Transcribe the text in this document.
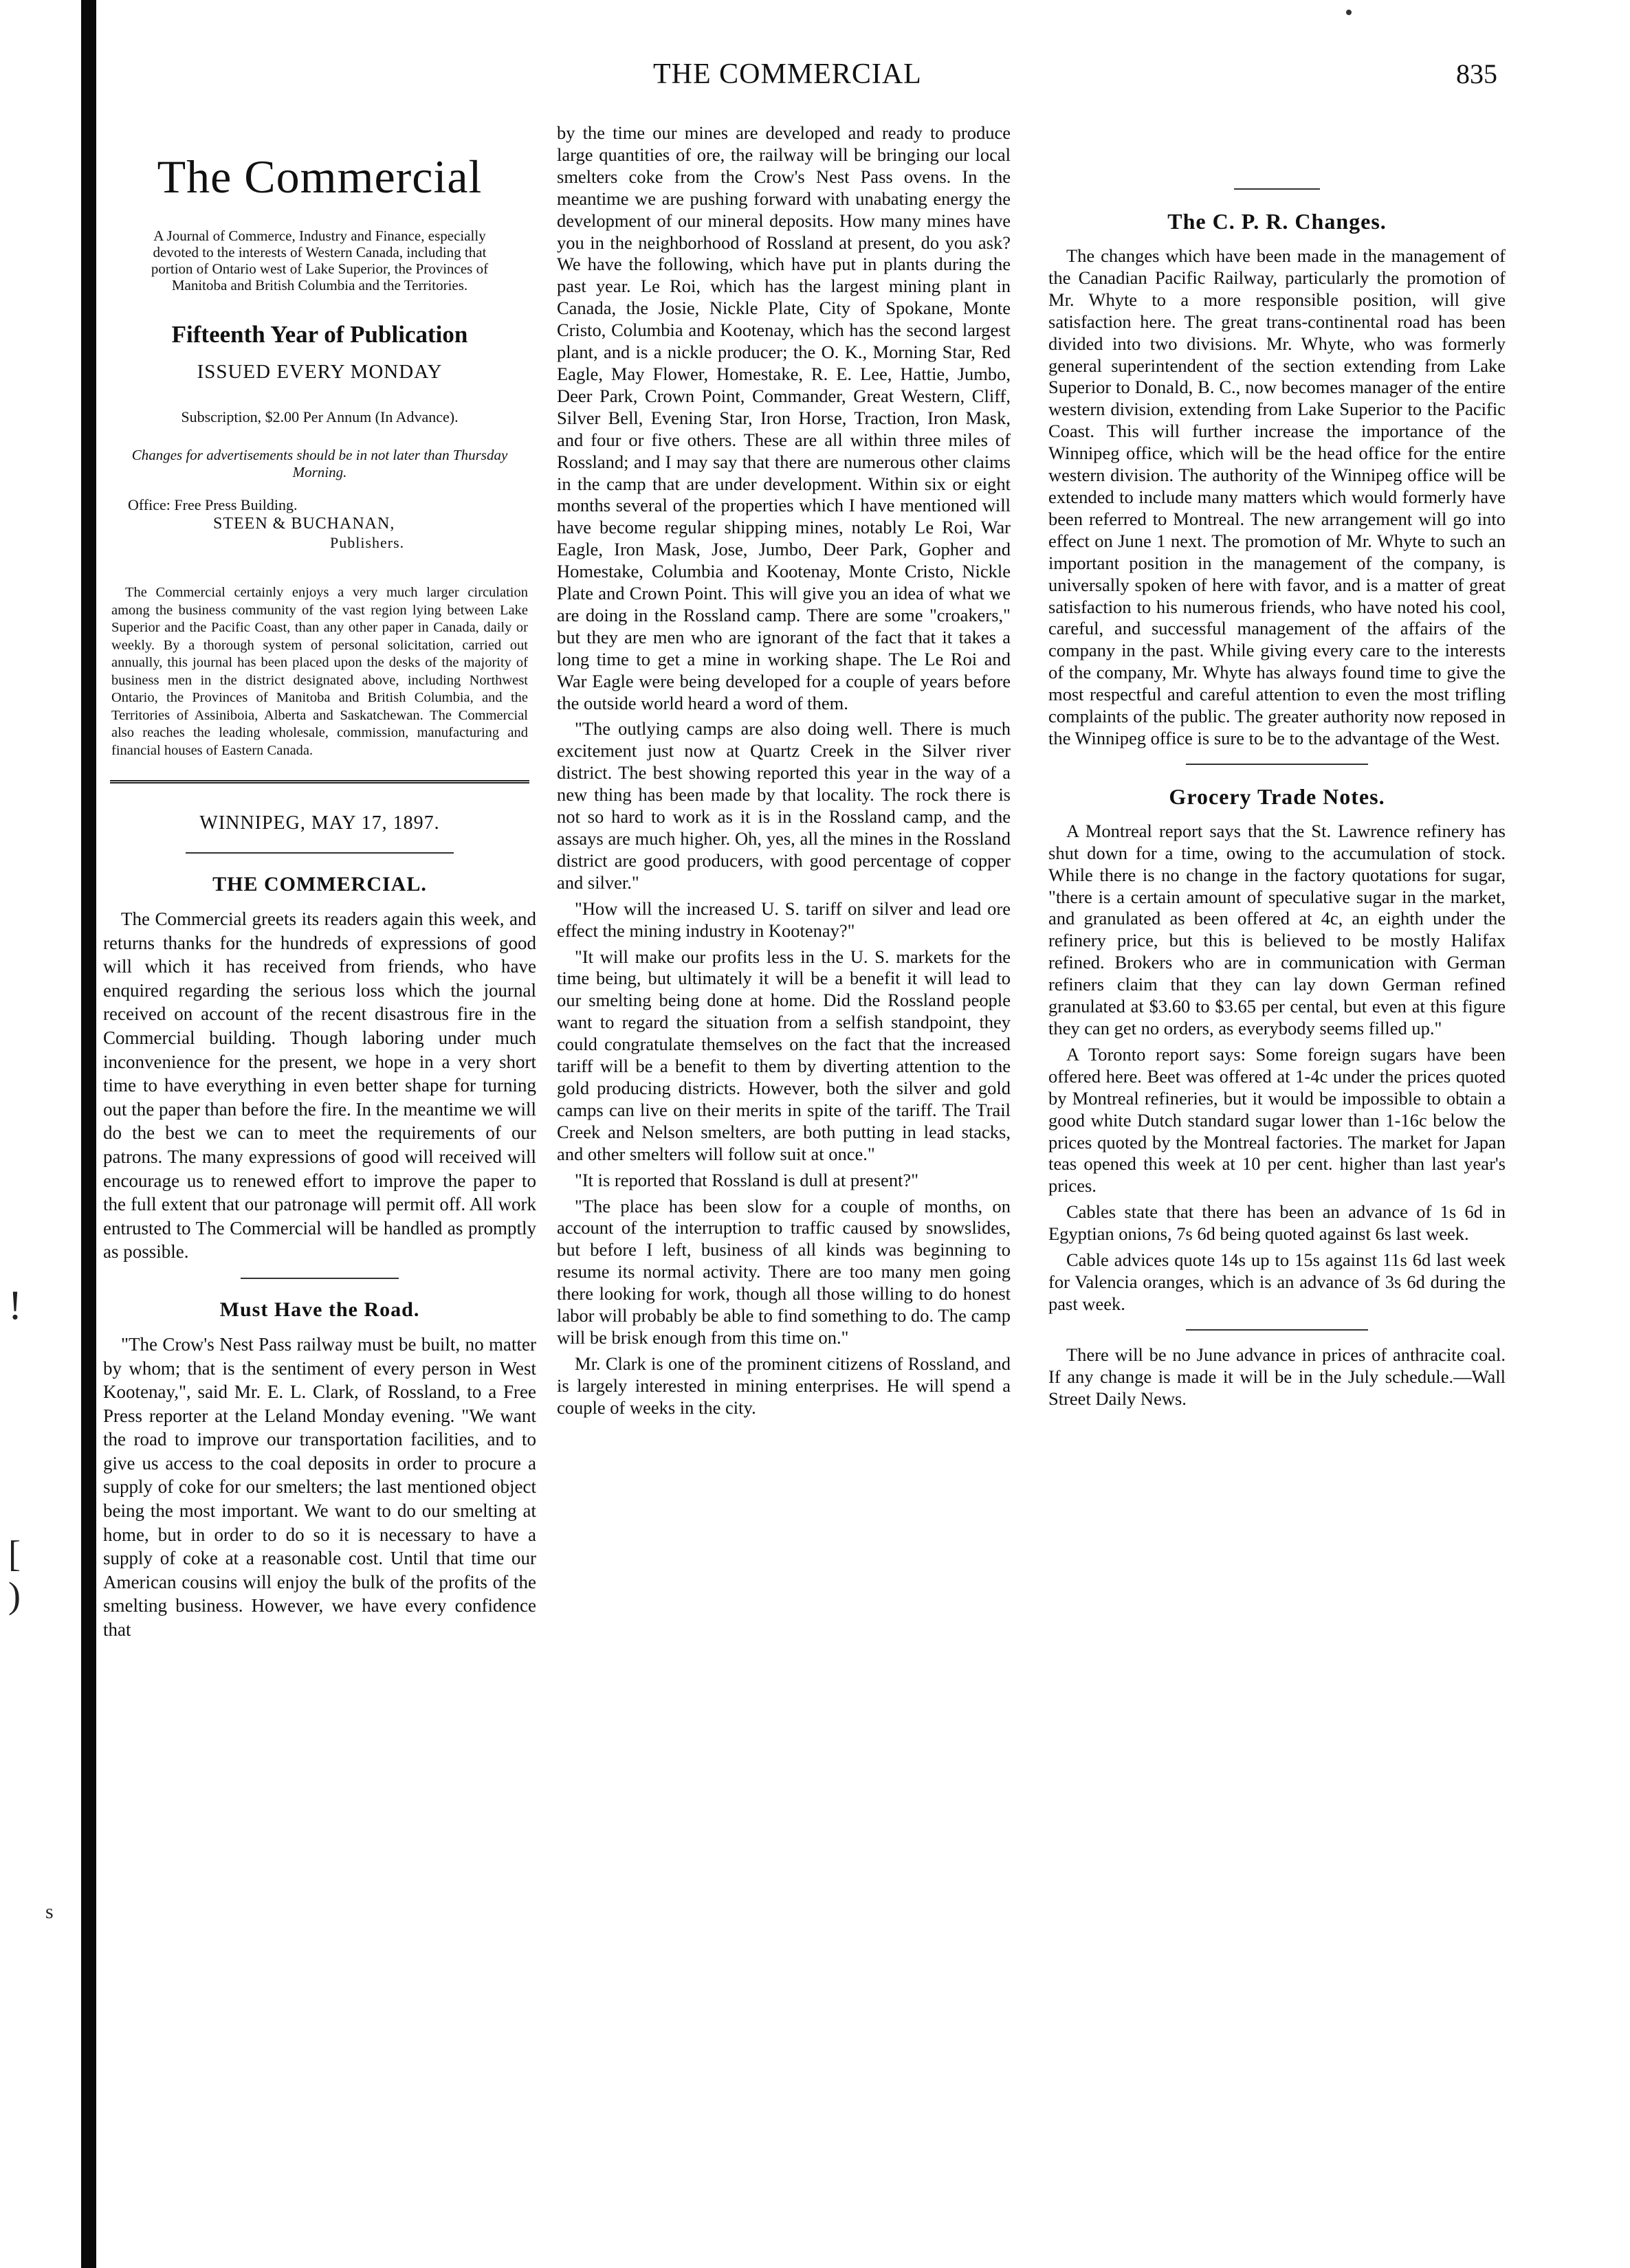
!
[
)
s
THE COMMERCIAL	835
The Commercial
A Journal of Commerce, Industry and Finance, especially devoted to the interests of Western Canada, including that portion of Ontario west of Lake Superior, the Provinces of Manitoba and British Columbia and the Territories.
Fifteenth Year of Publication
ISSUED EVERY MONDAY
Subscription, $2.00 Per Annum (In Advance).
Changes for advertisements should be in not later than Thursday Morning.
Office: Free Press Building.
STEEN & BUCHANAN,
Publishers.
The Commercial certainly enjoys a very much larger circulation among the business community of the vast region lying between Lake Superior and the Pacific Coast, than any other paper in Canada, daily or weekly. By a thorough system of personal solicitation, carried out annually, this journal has been placed upon the desks of the majority of business men in the district designated above, including Northwest Ontario, the Provinces of Manitoba and British Columbia, and the Territories of Assiniboia, Alberta and Saskatchewan. The Commercial also reaches the leading wholesale, commission, manufacturing and financial houses of Eastern Canada.
WINNIPEG, MAY 17, 1897.
THE COMMERCIAL.

The Commercial greets its readers again this week, and returns thanks for the hundreds of expressions of good will which it has received from friends, who have enquired regarding the serious loss which the journal received on account of the recent disastrous fire in the Commercial building. Though laboring under much inconvenience for the present, we hope in a very short time to have everything in even better shape for turning out the paper than before the fire. In the meantime we will do the best we can to meet the requirements of our patrons. The many expressions of good will received will encourage us to renewed effort to improve the paper to the full extent that our patronage will permit off. All work entrusted to The Commercial will be handled as promptly as possible.

Must Have the Road.

"The Crow's Nest Pass railway must be built, no matter by whom; that is the sentiment of every person in West Kootenay,", said Mr. E. L. Clark, of Rossland, to a Free Press reporter at the Leland Monday evening. "We want the road to improve our transportation facilities, and to give us access to the coal deposits in order to procure a supply of coke for our smelters; the last mentioned object being the most important. We want to do our smelting at home, but in order to do so it is necessary to have a supply of coke at a reasonable cost. Until that time our American cousins will enjoy the bulk of the profits of the smelting business. However, we have every confidence that

by the time our mines are developed and ready to produce large quantities of ore, the railway will be bringing our local smelters coke from the Crow's Nest Pass ovens. In the meantime we are pushing forward with unabating energy the development of our mineral deposits. How many mines have you in the neighborhood of Rossland at present, do you ask? We have the following, which have put in plants during the past year. Le Roi, which has the largest mining plant in Canada, the Josie, Nickle Plate, City of Spokane, Monte Cristo, Columbia and Kootenay, which has the second largest plant, and is a nickle producer; the O. K., Morning Star, Red Eagle, May Flower, Homestake, R. E. Lee, Hattie, Jumbo, Deer Park, Crown Point, Commander, Great Western, Cliff, Silver Bell, Evening Star, Iron Horse, Traction, Iron Mask, and four or five others. These are all within three miles of Rossland; and I may say that there are numerous other claims in the camp that are under development. Within six or eight months several of the properties which I have mentioned will have become regular shipping mines, notably Le Roi, War Eagle, Iron Mask, Jose, Jumbo, Deer Park, Gopher and Homestake, Columbia and Kootenay, Monte Cristo, Nickle Plate and Crown Point. This will give you an idea of what we are doing in the Rossland camp. There are some "croakers," but they are men who are ignorant of the fact that it takes a long time to get a mine in working shape. The Le Roi and War Eagle were being developed for a couple of years before the outside world heard a word of them.

"The outlying camps are also doing well. There is much excitement just now at Quartz Creek in the Silver river district. The best showing reported this year in the way of a new thing has been made by that locality. The rock there is not so hard to work as it is in the Rossland camp, and the assays are much higher. Oh, yes, all the mines in the Rossland district are good producers, with good percentage of copper and silver."

"How will the increased U. S. tariff on silver and lead ore effect the mining industry in Kootenay?"

"It will make our profits less in the U. S. markets for the time being, but ultimately it will be a benefit it will lead to our smelting being done at home. Did the Rossland people want to regard the situation from a selfish standpoint, they could congratulate themselves on the fact that the increased tariff will be a benefit to them by diverting attention to the gold producing districts. However, both the silver and gold camps can live on their merits in spite of the tariff. The Trail Creek and Nelson smelters, are both putting in lead stacks, and other smelters will follow suit at once."

"It is reported that Rossland is dull at present?"

"The place has been slow for a couple of months, on account of the interruption to traffic caused by snowslides, but before I left, business of all kinds was beginning to resume its normal activity. There are too many men going there looking for work, though all those willing to do honest labor will probably be able to find something to do. The camp will be brisk enough from this time on."

Mr. Clark is one of the prominent citizens of Rossland, and is largely interested in mining enterprises. He will spend a couple of weeks in the city.

The C. P. R. Changes.

The changes which have been made in the management of the Canadian Pacific Railway, particularly the promotion of Mr. Whyte to a more responsible position, will give satisfaction here. The great trans-continental road has been divided into two divisions. Mr. Whyte, who was formerly general superintendent of the section extending from Lake Superior to Donald, B. C., now becomes manager of the entire western division, extending from Lake Superior to the Pacific Coast. This will further increase the importance of the Winnipeg office, which will be the head office for the entire western division. The authority of the Winnipeg office will be extended to include many matters which would formerly have been referred to Montreal. The new arrangement will go into effect on June 1 next. The promotion of Mr. Whyte to such an important position in the management of the company, is universally spoken of here with favor, and is a matter of great satisfaction to his numerous friends, who have noted his cool, careful, and successful management of the affairs of the company in the past. While giving every care to the interests of the company, Mr. Whyte has always found time to give the most respectful and careful attention to even the most trifling complaints of the public. The greater authority now reposed in the Winnipeg office is sure to be to the advantage of the West.

Grocery Trade Notes.

A Montreal report says that the St. Lawrence refinery has shut down for a time, owing to the accumulation of stock. While there is no change in the factory quotations for sugar, "there is a certain amount of speculative sugar in the market, and granulated as been offered at 4c, an eighth under the refinery price, but this is believed to be mostly Halifax refined. Brokers who are in communication with German refiners claim that they can lay down German refined granulated at $3.60 to $3.65 per cental, but even at this figure they can get no orders, as everybody seems filled up."

A Toronto report says: Some foreign sugars have been offered here. Beet was offered at 1-4c under the prices quoted by Montreal refineries, but it would be impossible to obtain a good white Dutch standard sugar lower than 1-16c below the prices quoted by the Montreal factories. The market for Japan teas opened this week at 10 per cent. higher than last year's prices.

Cables state that there has been an advance of 1s 6d in Egyptian onions, 7s 6d being quoted against 6s last week.

Cable advices quote 14s up to 15s against 11s 6d last week for Valencia oranges, which is an advance of 3s 6d during the past week.

There will be no June advance in prices of anthracite coal. If any change is made it will be in the July schedule.—Wall Street Daily News.
